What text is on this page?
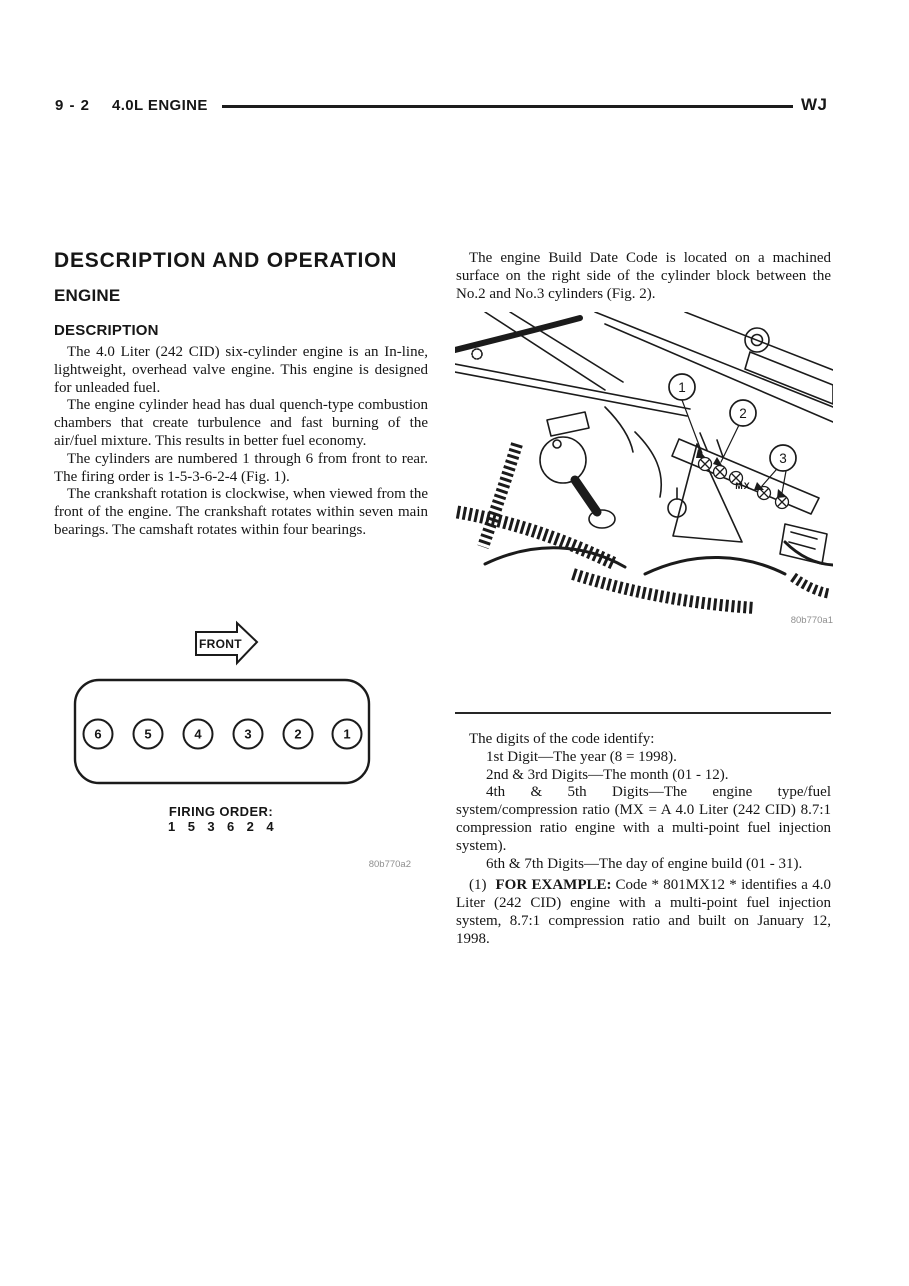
9 - 2 4.0L ENGINE	WJ
DESCRIPTION AND OPERATION
ENGINE
DESCRIPTION

The 4.0 Liter (242 CID) six-cylinder engine is an In-line, lightweight, overhead valve engine. This engine is designed for unleaded fuel.

The engine cylinder head has dual quench-type combustion chambers that create turbulence and fast burning of the air/fuel mixture. This results in better fuel economy.

The cylinders are numbered 1 through 6 from front to rear. The firing order is 1-5-3-6-2-4 (Fig. 1).

The crankshaft rotation is clockwise, when viewed from the front of the engine. The crankshaft rotates within seven main bearings. The camshaft rotates within four bearings.

FRONT
6	5	4	3	2	1
FIRING ORDER:
1  5  3  6  2  4
80b770a2

The engine Build Date Code is located on a machined surface on the right side of the cylinder block between the No.2 and No.3 cylinders (Fig. 2).

1
2
3
MX
80b770a1

The digits of the code identify:

1st Digit—The year (8 = 1998).

2nd & 3rd Digits—The month (01 - 12).

4th & 5th Digits—The engine type/fuel system/compression ratio (MX = A 4.0 Liter (242 CID) 8.7:1 compression ratio engine with a multi-point fuel injection system).

6th & 7th Digits—The day of engine build (01 - 31).

(1) FOR EXAMPLE: Code * 801MX12 * identifies a 4.0 Liter (242 CID) engine with a multi-point fuel injection system, 8.7:1 compression ratio and built on January 12, 1998.
